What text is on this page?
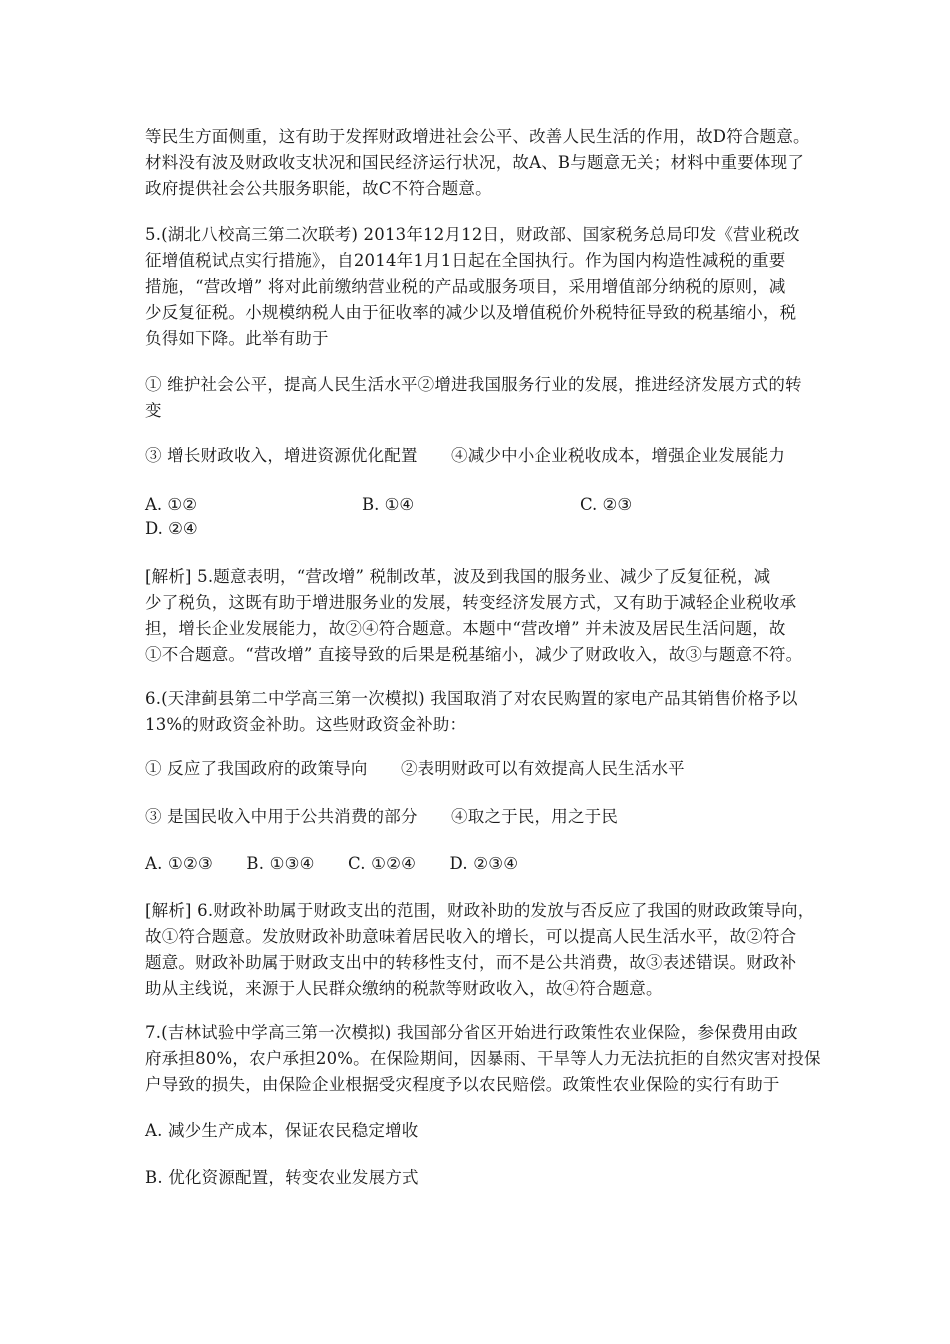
等民生方面侧重，这有助于发挥财政增进社会公平、改善人民生活的作用，故D符合题意。
材料没有波及财政收支状况和国民经济运行状况，故A、B与题意无关；材料中重要体现了
政府提供社会公共服务职能，故C不符合题意。
5.(湖北八校高三第二次联考) 2013年12月12日，财政部、国家税务总局印发《营业税改
征增值税试点实行措施》，自2014年1月1日起在全国执行。作为国内构造性减税的重要
措施，“营改增” 将对此前缴纳营业税的产品或服务项目，采用增值部分纳税的原则，减
少反复征税。小规模纳税人由于征收率的减少以及增值税价外税特征导致的税基缩小，税
负得如下降。此举有助于
① 维护社会公平，提高人民生活水平②增进我国服务行业的发展，推进经济发展方式的转
变
③ 增长财政收入，增进资源优化配置　　④减少中小企业税收成本，增强企业发展能力
A. ①②	B. ①④	C. ②③
D. ②④
[解析] 5.题意表明，“营改增” 税制改革，波及到我国的服务业、减少了反复征税，减
少了税负，这既有助于增进服务业的发展，转变经济发展方式，又有助于减轻企业税收承
担，增长企业发展能力，故②④符合题意。本题中“营改增” 并未波及居民生活问题，故
①不合题意。“营改增” 直接导致的后果是税基缩小，减少了财政收入，故③与题意不符。
6.(天津蓟县第二中学高三第一次模拟) 我国取消了对农民购置的家电产品其销售价格予以
13%的财政资金补助。这些财政资金补助：
① 反应了我国政府的政策导向　　②表明财政可以有效提高人民生活水平
③ 是国民收入中用于公共消费的部分　　④取之于民，用之于民
A. ①②③　　B. ①③④　　C. ①②④　　D. ②③④
[解析] 6.财政补助属于财政支出的范围，财政补助的发放与否反应了我国的财政政策导向，
故①符合题意。发放财政补助意味着居民收入的增长，可以提高人民生活水平，故②符合
题意。财政补助属于财政支出中的转移性支付，而不是公共消费，故③表述错误。财政补
助从主线说，来源于人民群众缴纳的税款等财政收入，故④符合题意。
7.(吉林试验中学高三第一次模拟) 我国部分省区开始进行政策性农业保险，参保费用由政
府承担80%，农户承担20%。在保险期间，因暴雨、干旱等人力无法抗拒的自然灾害对投保
户导致的损失，由保险企业根据受灾程度予以农民赔偿。政策性农业保险的实行有助于
A. 减少生产成本，保证农民稳定增收
B. 优化资源配置，转变农业发展方式
